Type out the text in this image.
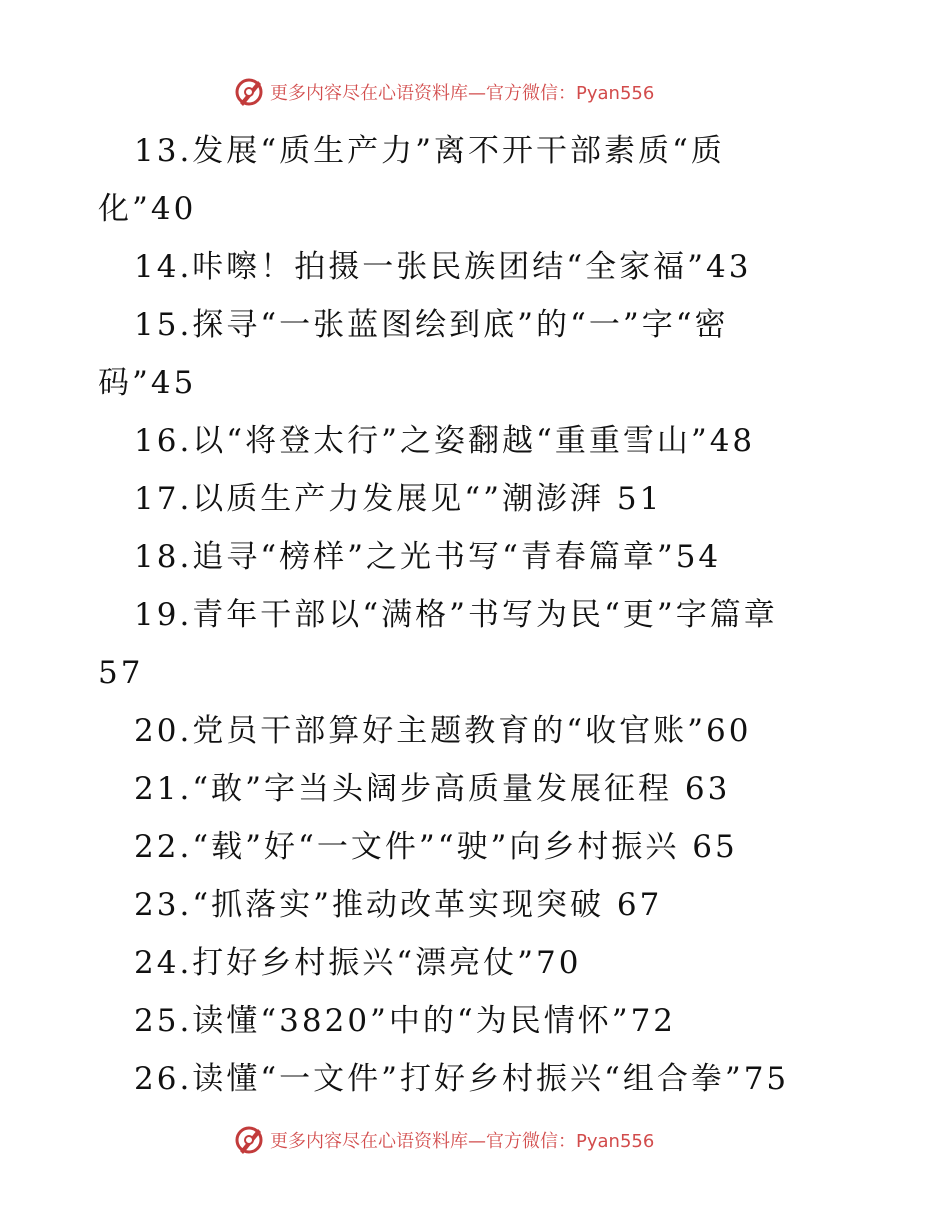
更多内容尽在心语资料库—官方微信：Pyan556
13.发展“质生产力”离不开干部素质“质
化”40
14.咔嚓！拍摄一张民族团结“全家福”43
15.探寻“一张蓝图绘到底”的“一”字“密
码”45
16.以“将登太行”之姿翻越“重重雪山”48
17.以质生产力发展见“”潮澎湃 51
18.追寻“榜样”之光书写“青春篇章”54
19.青年干部以“满格”书写为民“更”字篇章
57
20.党员干部算好主题教育的“收官账”60
21.“敢”字当头阔步高质量发展征程 63
22.“载”好“一文件”“驶”向乡村振兴 65
23.“抓落实”推动改革实现突破 67
24.打好乡村振兴“漂亮仗”70
25.读懂“3820”中的“为民情怀”72
26.读懂“一文件”打好乡村振兴“组合拳”75
更多内容尽在心语资料库—官方微信：Pyan556
